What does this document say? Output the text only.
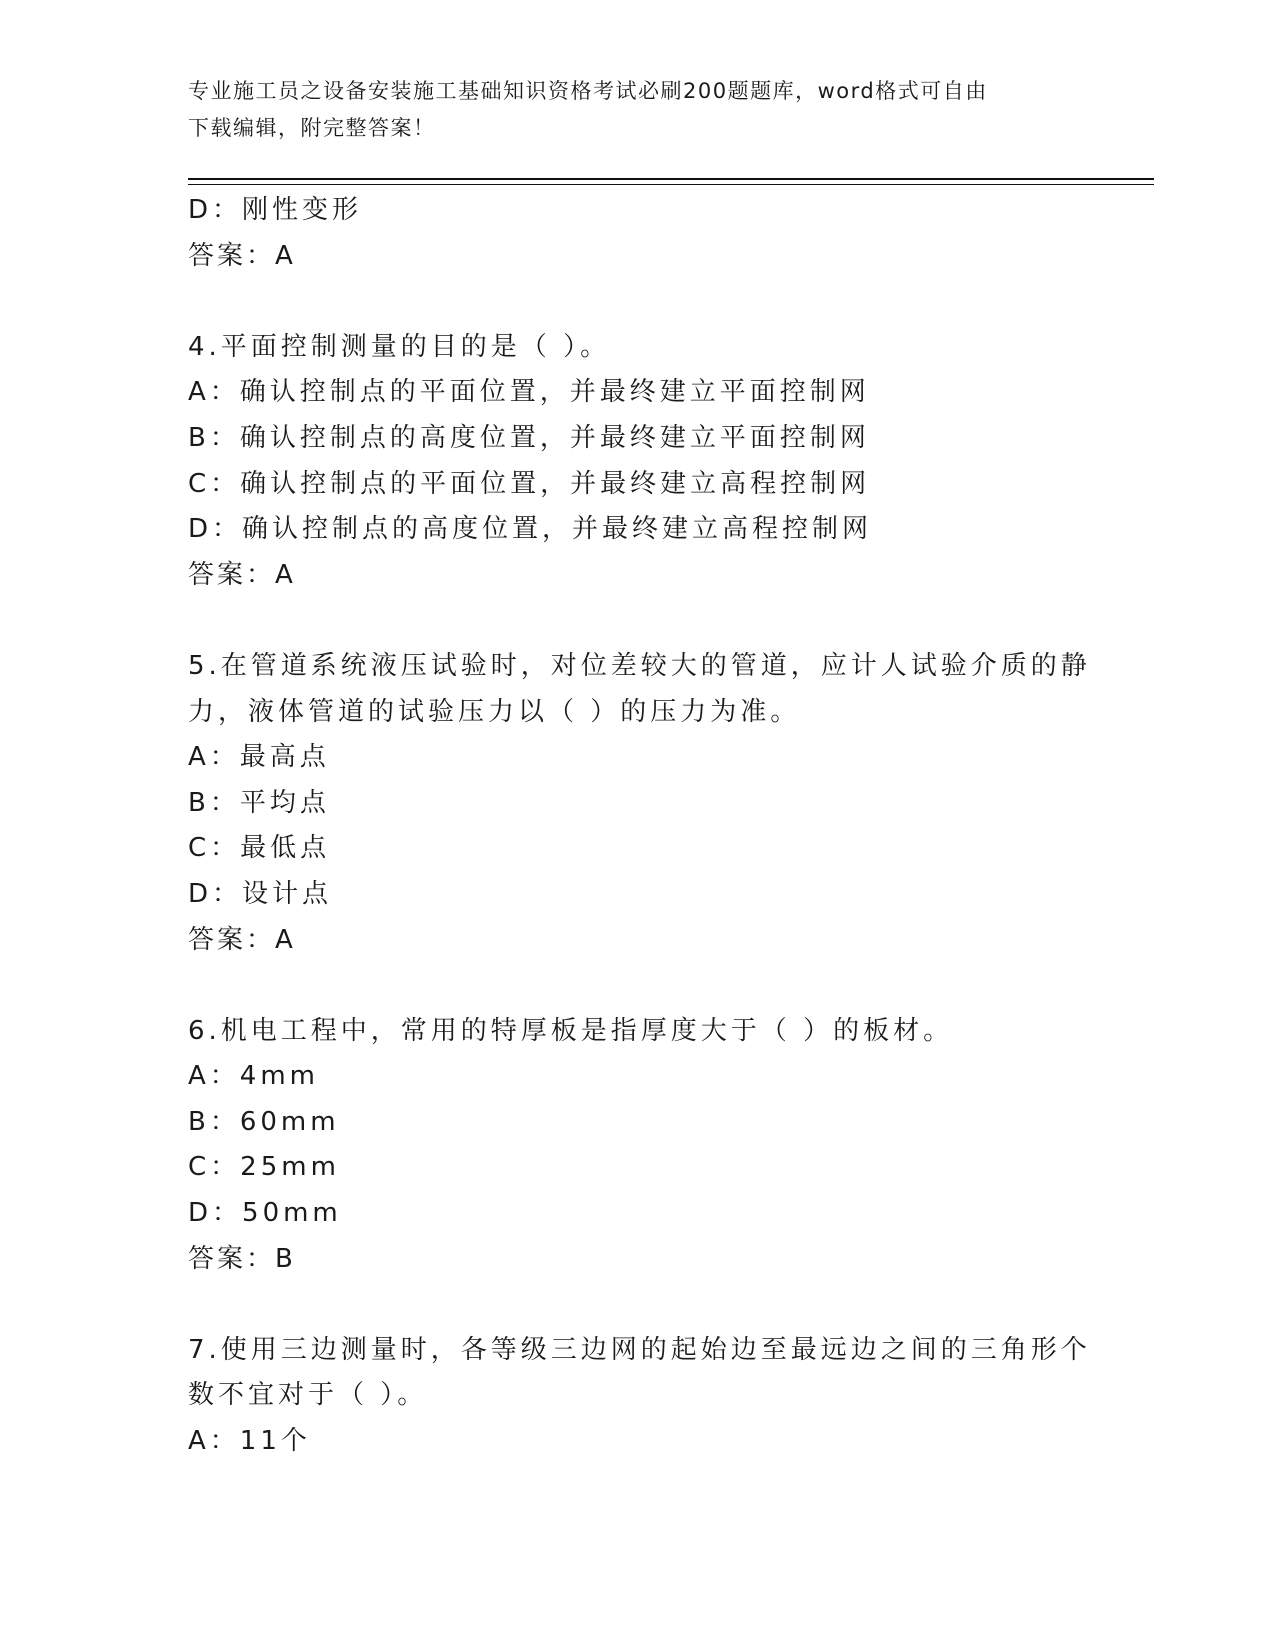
专业施工员之设备安装施工基础知识资格考试必刷200题题库，word格式可自由
下载编辑，附完整答案！
D：刚性变形
答案：A
4.平面控制测量的目的是（ ）。
A：确认控制点的平面位置，并最终建立平面控制网
B：确认控制点的高度位置，并最终建立平面控制网
C：确认控制点的平面位置，并最终建立高程控制网
D：确认控制点的高度位置，并最终建立高程控制网
答案：A
5.在管道系统液压试验时，对位差较大的管道，应计人试验介质的静
力，液体管道的试验压力以（ ）的压力为准。
A：最高点
B：平均点
C：最低点
D：设计点
答案：A
6.机电工程中，常用的特厚板是指厚度大于（ ）的板材。
A：4mm
B：60mm
C：25mm
D：50mm
答案：B
7.使用三边测量时，各等级三边网的起始边至最远边之间的三角形个
数不宜对于（ ）。
A：11个
